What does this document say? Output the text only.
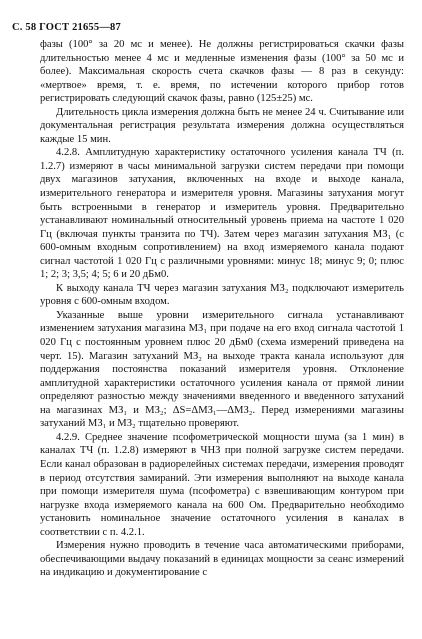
С. 58 ГОСТ 21655—87

фазы (100° за 20 мс и менее). Не должны регистрироваться скачки фазы длительностью менее 4 мс и медленные изменения фазы (100° за 50 мс и более). Максимальная скорость счета скачков фазы — 8 раз в секунду: «мертвое» время, т. е. время, по истечении которого прибор готов регистрировать следующий скачок фазы, равно (125±25) мс.

Длительность цикла измерения должна быть не менее 24 ч. Считывание или документальная регистрация результата измерения должна осуществляться каждые 15 мин.

4.2.8. Амплитудную характеристику остаточного усиления канала ТЧ (п. 1.2.7) измеряют в часы минимальной загрузки систем передачи при помощи двух магазинов затухания, включенных на входе и выходе канала, измерительного генератора и измерителя уровня. Магазины затухания могут быть встроенными в генератор и измеритель уровня. Предварительно устанавливают номинальный относительный уровень приема на частоте 1 020 Гц (включая пункты транзита по ТЧ). Затем через магазин затухания МЗ₁ (с 600-омным входным сопротивлением) на вход измеряемого канала подают сигнал частотой 1 020 Гц с различными уровнями: минус 18; минус 9; 0; плюс 1; 2; 3; 3,5; 4; 5; 6 и 20 дБм0.

К выходу канала ТЧ через магазин затухания МЗ₂ подключают измеритель уровня с 600-омным входом.

Указанные выше уровни измерительного сигнала устанавливают изменением затухания магазина МЗ₁ при подаче на его вход сигнала частотой 1 020 Гц с постоянным уровнем плюс 20 дБм0 (схема измерений приведена на черт. 15). Магазин затуханий МЗ₂ на выходе тракта канала используют для поддержания постоянства показаний измерителя уровня. Отклонение амплитудной характеристики остаточного усиления канала от прямой линии определяют разностью между значениями введенного и введенного затуханий на магазинах МЗ₁ и МЗ₂; ΔS=ΔМЗ₁—ΔМЗ₂. Перед измерениями магазины затуханий МЗ₁ и МЗ₂ тщательно проверяют.

4.2.9. Среднее значение псофометрической мощности шума (за 1 мин) в каналах ТЧ (п. 1.2.8) измеряют в ЧНЗ при полной загрузке систем передачи. Если канал образован в радиорелейных системах передачи, измерения проводят в период отсутствия замираний. Эти измерения выполняют на выходе канала при помощи измерителя шума (псофометра) с взвешивающим контуром при нагрузке входа измеряемого канала на 600 Ом. Предварительно необходимо установить номинальное значение остаточного усиления в каналах в соответствии с п. 4.2.1.

Измерения нужно проводить в течение часа автоматическими приборами, обеспечивающими выдачу показаний в единицах мощности за сеанс измерений на индикацию и документирование с
